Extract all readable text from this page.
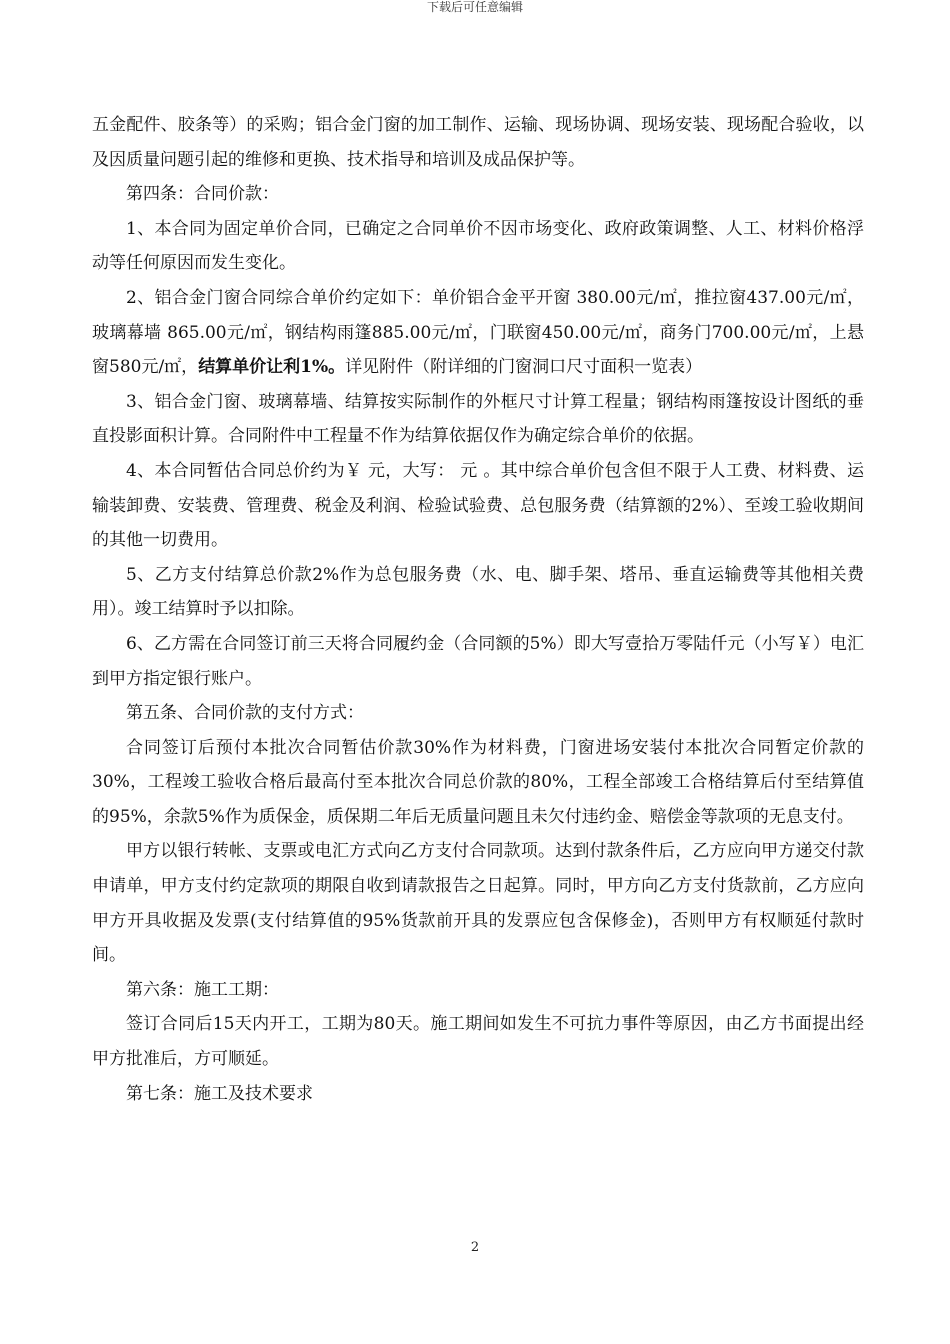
下载后可任意编辑

五金配件、胶条等）的采购；铝合金门窗的加工制作、运输、现场协调、现场安装、现场配合验收，以及因质量问题引起的维修和更换、技术指导和培训及成品保护等。

第四条：合同价款：

1、本合同为固定单价合同，已确定之合同单价不因市场变化、政府政策调整、人工、材料价格浮动等任何原因而发生变化。

2、铝合金门窗合同综合单价约定如下：单价铝合金平开窗 380.00元/㎡，推拉窗437.00元/㎡，玻璃幕墙 865.00元/㎡，钢结构雨篷885.00元/㎡，门联窗450.00元/㎡，商务门700.00元/㎡，上悬窗580元/㎡，结算单价让利1%。详见附件（附详细的门窗洞口尺寸面积一览表）

3、铝合金门窗、玻璃幕墙、结算按实际制作的外框尺寸计算工程量；钢结构雨篷按设计图纸的垂直投影面积计算。合同附件中工程量不作为结算依据仅作为确定综合单价的依据。

4、本合同暂估合同总价约为￥ 元，大写： 元 。其中综合单价包含但不限于人工费、材料费、运输装卸费、安装费、管理费、税金及利润、检验试验费、总包服务费（结算额的2%）、至竣工验收期间的其他一切费用。

5、乙方支付结算总价款2%作为总包服务费（水、电、脚手架、塔吊、垂直运输费等其他相关费用）。竣工结算时予以扣除。

6、乙方需在合同签订前三天将合同履约金（合同额的5%）即大写壹拾万零陆仟元（小写￥）电汇到甲方指定银行账户。

第五条、合同价款的支付方式：

合同签订后预付本批次合同暂估价款30%作为材料费，门窗进场安装付本批次合同暂定价款的30%，工程竣工验收合格后最高付至本批次合同总价款的80%，工程全部竣工合格结算后付至结算值的95%，余款5%作为质保金，质保期二年后无质量问题且未欠付违约金、赔偿金等款项的无息支付。

甲方以银行转帐、支票或电汇方式向乙方支付合同款项。达到付款条件后，乙方应向甲方递交付款申请单，甲方支付约定款项的期限自收到请款报告之日起算。同时，甲方向乙方支付货款前，乙方应向甲方开具收据及发票(支付结算值的95%货款前开具的发票应包含保修金)，否则甲方有权顺延付款时间。

第六条：施工工期：

签订合同后15天内开工，工期为80天。施工期间如发生不可抗力事件等原因，由乙方书面提出经甲方批准后，方可顺延。

第七条：施工及技术要求

2
